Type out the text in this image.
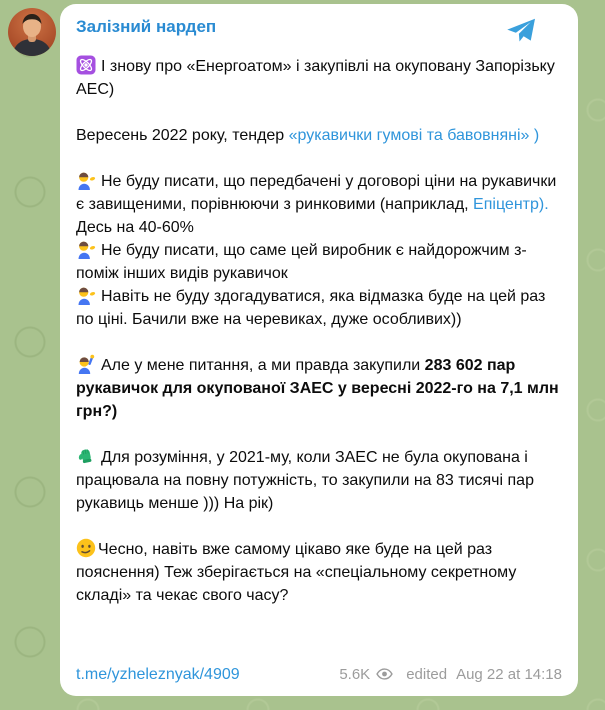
Залізний нардеп

І знову про «Енергоатом» і закупівлі на окуповану Запорізьку АЕС)

Вересень 2022 року, тендер «рукавички гумові та бавовняні» )

Не буду писати, що передбачені у договорі ціни на рукавички є завищеними, порівнюючи з ринковими (наприклад, Епіцентр). Десь на 40-60%

Не буду писати, що саме цей виробник є найдорожчим з-поміж інших видів рукавичок

Навіть не буду здогадуватися, яка відмазка буде на цей раз по ціні. Бачили вже на черевиках, дуже особливих))

Але у мене питання, а ми правда закупили 283 602 пар рукавичок для окупованої ЗАЕС у вересні 2022-го на 7,1 млн грн?)

Для розуміння, у 2021-му, коли ЗАЕС не була окупована і працювала на повну потужність, то закупили на 83 тисячі пар рукавиць менше ))) На рік)

Чесно, навіть вже самому цікаво яке буде на цей раз пояснення) Теж зберігається на «спеціальному секретному складі» та чекає свого часу?

t.me/yzheleznyak/4909	5.6K edited Aug 22 at 14:18
